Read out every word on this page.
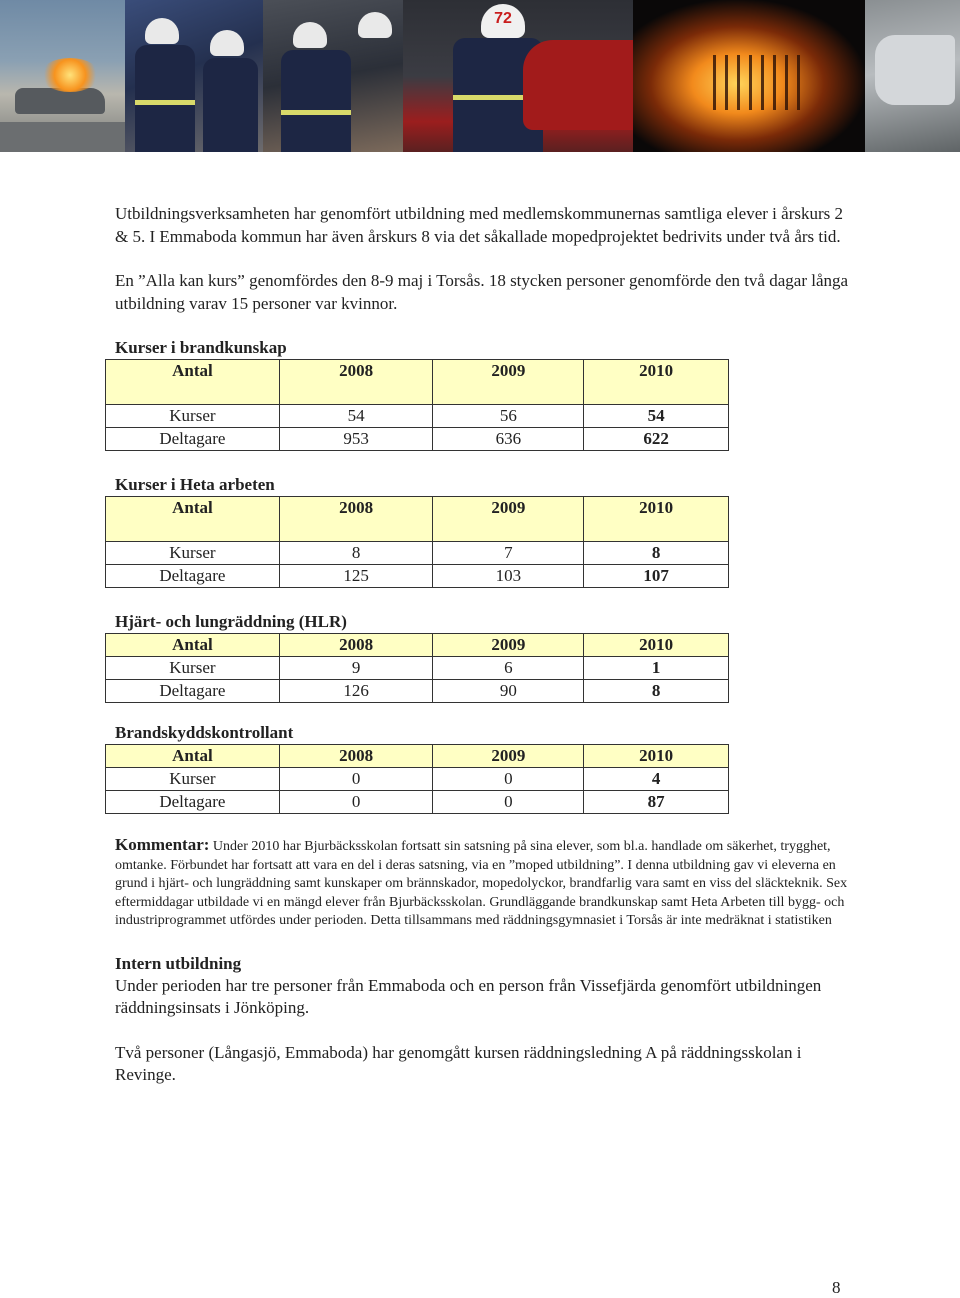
72

Utbildningsverksamheten har genomfört utbildning med medlemskommunernas samtliga elever i årskurs 2 & 5. I Emmaboda kommun har även årskurs 8 via det såkallade mopedprojektet bedrivits under två års tid.

En ”Alla kan kurs” genomfördes den 8-9 maj i Torsås. 18 stycken personer genomförde den två dagar långa utbildning varav 15 personer var kvinnor.

Kurser i brandkunskap
Antal	2008	2009	2010
Kurser	54	56	54
Deltagare	953	636	622
Kurser i Heta arbeten
Antal	2008	2009	2010
Kurser	8	7	8
Deltagare	125	103	107
Hjärt- och lungräddning (HLR)
Antal	2008	2009	2010
Kurser	9	6	1
Deltagare	126	90	8
Brandskyddskontrollant
Antal	2008	2009	2010
Kurser	0	0	4
Deltagare	0	0	87

Kommentar: Under 2010 har Bjurbäcksskolan fortsatt sin satsning på sina elever, som bl.a. handlade om säkerhet, trygghet, omtanke. Förbundet har fortsatt att vara en del i deras satsning, via en ”moped utbildning”. I denna utbildning gav vi eleverna en grund i hjärt- och lungräddning samt kunskaper om brännskador, mopedolyckor, brandfarlig vara samt en viss del släckteknik. Sex eftermiddagar utbildade vi en mängd elever från Bjurbäcksskolan. Grundläggande brandkunskap samt Heta Arbeten till bygg- och industriprogrammet utfördes under perioden. Detta tillsammans med räddningsgymnasiet i Torsås är inte medräknat i statistiken

Intern utbildning

Under perioden har tre personer från Emmaboda och en person från Vissefjärda genomfört utbildningen räddningsinsats i Jönköping.

Två personer (Långasjö, Emmaboda) har genomgått kursen räddningsledning A på räddningsskolan i Revinge.

8
